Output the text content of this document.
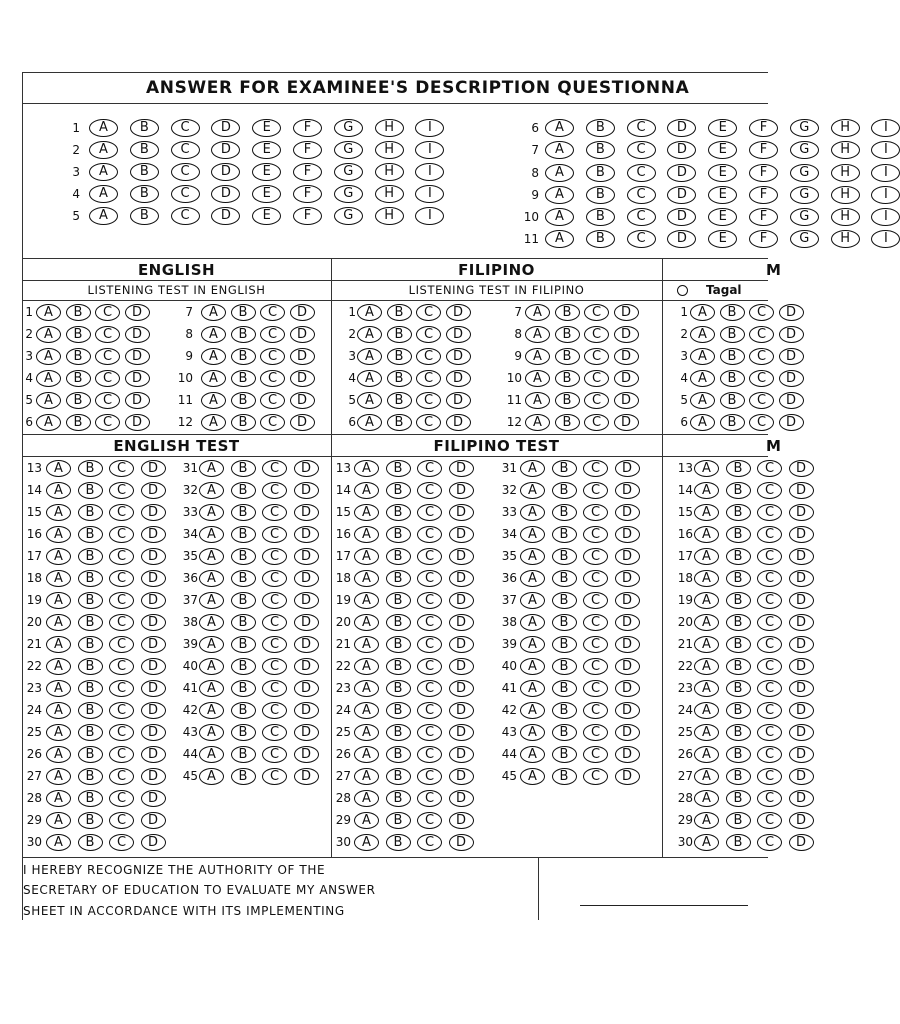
ANSWER FOR EXAMINEE'S DESCRIPTION QUESTIONNA
ENGLISH	FILIPINO	M
LISTENING TEST IN ENGLISH	LISTENING TEST IN FILIPINO	Tagal
ENGLISH TEST	FILIPINO TEST	M
I HEREBY RECOGNIZE THE AUTHORITY OF THE
SECRETARY OF EDUCATION TO EVALUATE MY ANSWER
SHEET IN ACCORDANCE WITH ITS IMPLEMENTING
1	A	B	C	D	E	F	G	H	I
2	A	B	C	D	E	F	G	H	I
3	A	B	C	D	E	F	G	H	I
4	A	B	C	D	E	F	G	H	I
5	A	B	C	D	E	F	G	H	I
6	A	B	C	D	E	F	G	H	I
7	A	B	C	D	E	F	G	H	I
8	A	B	C	D	E	F	G	H	I
9	A	B	C	D	E	F	G	H	I
10	A	B	C	D	E	F	G	H	I
11	A	B	C	D	E	F	G	H	I
1 A	B	C	D
2 A	B	C	D
3 A	B	C	D
4 A	B	C	D
5 A	B	C	D
6 A	B	C	D
7	A	B	C	D
8	A	B	C	D
9	A	B	C	D
10	A	B	C	D
11	A	B	C	D
12	A	B	C	D
1 A	B	C	D
2 A	B	C	D
3 A	B	C	D
4 A	B	C	D
5 A	B	C	D
6 A	B	C	D
7 A	B	C	D
8 A	B	C	D
9 A	B	C	D
10 A	B	C	D
11 A	B	C	D
12 A	B	C	D
1 A	B	C	D
2 A	B	C	D
3 A	B	C	D
4 A	B	C	D
5 A	B	C	D
6 A	B	C	D
13 A	B	C	D
14 A	B	C	D
15 A	B	C	D
16 A	B	C	D
17 A	B	C	D
18 A	B	C	D
19 A	B	C	D
20 A	B	C	D
21 A	B	C	D
22 A	B	C	D
23 A	B	C	D
24 A	B	C	D
25 A	B	C	D
26 A	B	C	D
27 A	B	C	D
28 A	B	C	D
29 A	B	C	D
30 A	B	C	D
31 A	B	C	D
32 A	B	C	D
33 A	B	C	D
34 A	B	C	D
35 A	B	C	D
36 A	B	C	D
37 A	B	C	D
38 A	B	C	D
39 A	B	C	D
40 A	B	C	D
41 A	B	C	D
42 A	B	C	D
43 A	B	C	D
44 A	B	C	D
45 A	B	C	D
13 A	B	C	D
14 A	B	C	D
15 A	B	C	D
16 A	B	C	D
17 A	B	C	D
18 A	B	C	D
19 A	B	C	D
20 A	B	C	D
21 A	B	C	D
22 A	B	C	D
23 A	B	C	D
24 A	B	C	D
25 A	B	C	D
26 A	B	C	D
27 A	B	C	D
28 A	B	C	D
29 A	B	C	D
30 A	B	C	D
31 A	B	C	D
32 A	B	C	D
33 A	B	C	D
34 A	B	C	D
35 A	B	C	D
36 A	B	C	D
37 A	B	C	D
38 A	B	C	D
39 A	B	C	D
40 A	B	C	D
41 A	B	C	D
42 A	B	C	D
43 A	B	C	D
44 A	B	C	D
45 A	B	C	D
13 A	B	C	D
14 A	B	C	D
15 A	B	C	D
16 A	B	C	D
17 A	B	C	D
18 A	B	C	D
19 A	B	C	D
20 A	B	C	D
21 A	B	C	D
22 A	B	C	D
23 A	B	C	D
24 A	B	C	D
25 A	B	C	D
26 A	B	C	D
27 A	B	C	D
28 A	B	C	D
29 A	B	C	D
30 A	B	C	D
